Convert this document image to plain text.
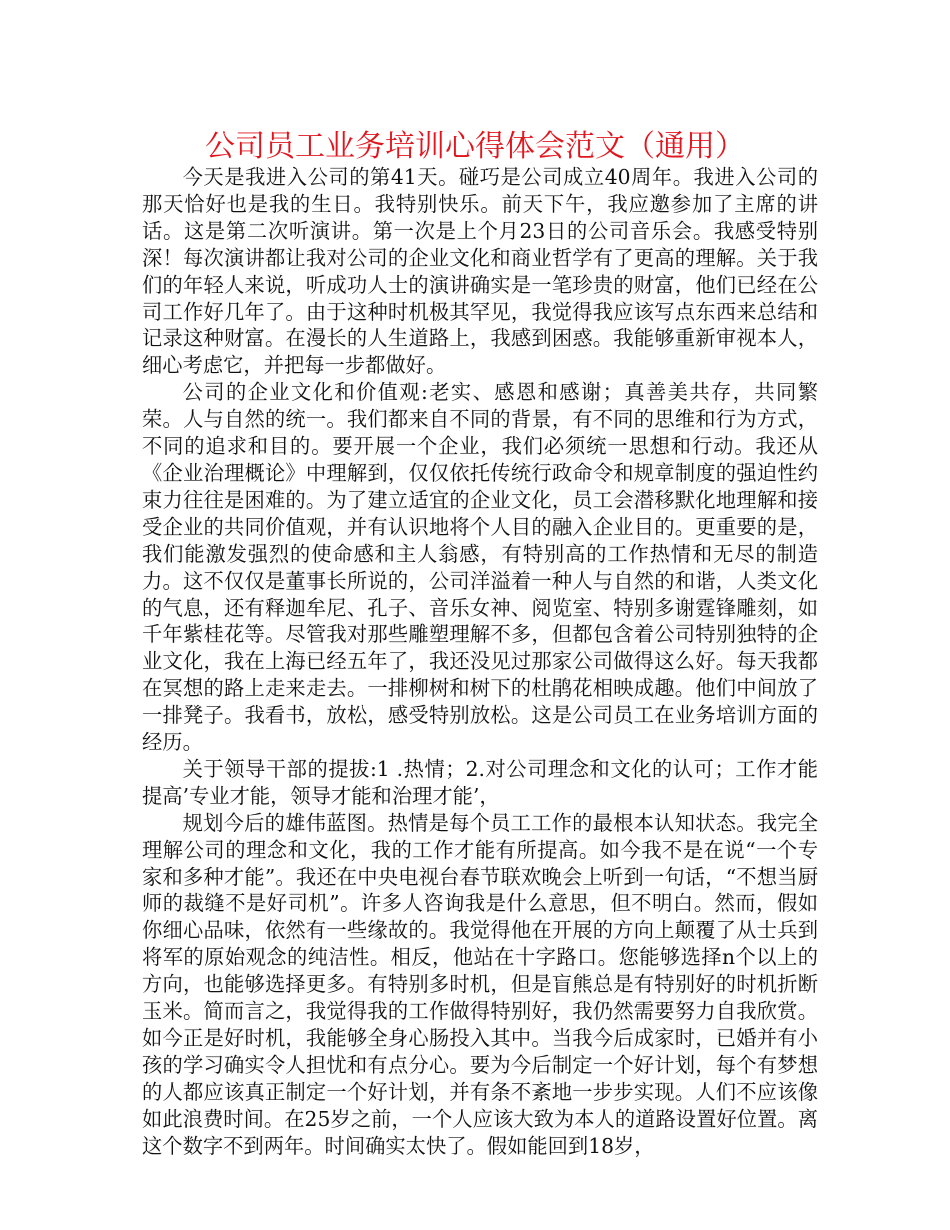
公司员工业务培训心得体会范文（通用）

今天是我进入公司的第41天。碰巧是公司成立40周年。我进入公司的那天恰好也是我的生日。我特别快乐。前天下午，我应邀参加了主席的讲话。这是第二次听演讲。第一次是上个月23日的公司音乐会。我感受特别深！每次演讲都让我对公司的企业文化和商业哲学有了更高的理解。关于我们的年轻人来说，听成功人士的演讲确实是一笔珍贵的财富，他们已经在公司工作好几年了。由于这种时机极其罕见，我觉得我应该写点东西来总结和记录这种财富。在漫长的人生道路上，我感到困惑。我能够重新审视本人，细心考虑它，并把每一步都做好。

公司的企业文化和价值观:老实、感恩和感谢；真善美共存，共同繁荣。人与自然的统一。我们都来自不同的背景，有不同的思维和行为方式，不同的追求和目的。要开展一个企业，我们必须统一思想和行动。我还从《企业治理概论》中理解到，仅仅依托传统行政命令和规章制度的强迫性约束力往往是困难的。为了建立适宜的企业文化，员工会潜移默化地理解和接受企业的共同价值观，并有认识地将个人目的融入企业目的。更重要的是，我们能激发强烈的使命感和主人翁感，有特别高的工作热情和无尽的制造力。这不仅仅是董事长所说的，公司洋溢着一种人与自然的和谐，人类文化的气息，还有释迦牟尼、孔子、音乐女神、阅览室、特别多谢霆锋雕刻，如千年紫桂花等。尽管我对那些雕塑理解不多，但都包含着公司特别独特的企业文化，我在上海已经五年了，我还没见过那家公司做得这么好。每天我都在冥想的路上走来走去。一排柳树和树下的杜鹃花相映成趣。他们中间放了一排凳子。我看书，放松，感受特别放松。这是公司员工在业务培训方面的经历。

关于领导干部的提拔:1 .热情；2.对公司理念和文化的认可；工作才能提高’专业才能，领导才能和治理才能’，

规划今后的雄伟蓝图。热情是每个员工工作的最根本认知状态。我完全理解公司的理念和文化，我的工作才能有所提高。如今我不是在说“一个专家和多种才能”。我还在中央电视台春节联欢晚会上听到一句话，“不想当厨师的裁缝不是好司机”。许多人咨询我是什么意思，但不明白。然而，假如你细心品味，依然有一些缘故的。我觉得他在开展的方向上颠覆了从士兵到将军的原始观念的纯洁性。相反，他站在十字路口。您能够选择n个以上的方向，也能够选择更多。有特别多时机，但是盲熊总是有特别好的时机折断玉米。简而言之，我觉得我的工作做得特别好，我仍然需要努力自我欣赏。如今正是好时机，我能够全身心肠投入其中。当我今后成家时，已婚并有小孩的学习确实令人担忧和有点分心。要为今后制定一个好计划，每个有梦想的人都应该真正制定一个好计划，并有条不紊地一步步实现。人们不应该像如此浪费时间。在25岁之前，一个人应该大致为本人的道路设置好位置。离这个数字不到两年。时间确实太快了。假如能回到18岁，
